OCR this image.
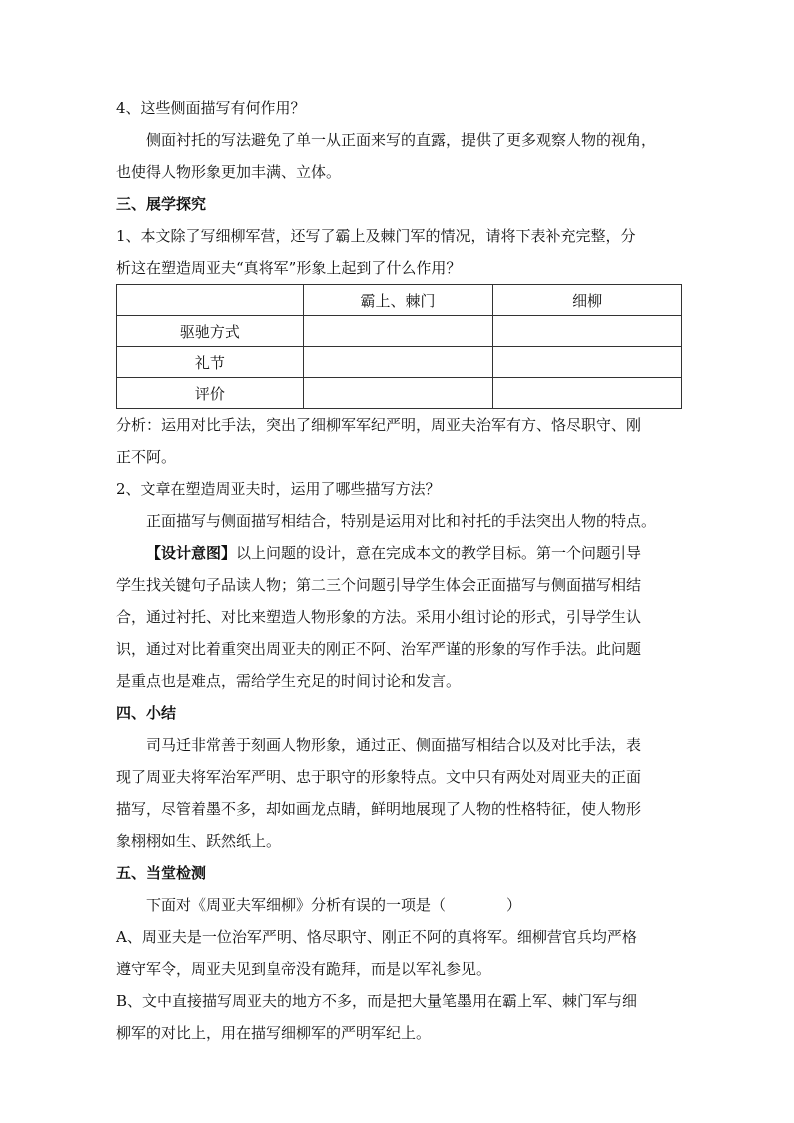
4、这些侧面描写有何作用？
侧面衬托的写法避免了单一从正面来写的直露，提供了更多观察人物的视角，
也使得人物形象更加丰满、立体。
三、展学探究
1、本文除了写细柳军营，还写了霸上及棘门军的情况，请将下表补充完整，分
析这在塑造周亚夫“真将军”形象上起到了什么作用？
	霸上、棘门	细柳
驱驰方式		
礼节		
评价		
分析：运用对比手法，突出了细柳军军纪严明，周亚夫治军有方、恪尽职守、刚
正不阿。
2、文章在塑造周亚夫时，运用了哪些描写方法？
正面描写与侧面描写相结合，特别是运用对比和衬托的手法突出人物的特点。
【设计意图】以上问题的设计，意在完成本文的教学目标。第一个问题引导
学生找关键句子品读人物；第二三个问题引导学生体会正面描写与侧面描写相结
合，通过衬托、对比来塑造人物形象的方法。采用小组讨论的形式，引导学生认
识，通过对比着重突出周亚夫的刚正不阿、治军严谨的形象的写作手法。此问题
是重点也是难点，需给学生充足的时间讨论和发言。
四、小结
司马迁非常善于刻画人物形象，通过正、侧面描写相结合以及对比手法，表
现了周亚夫将军治军严明、忠于职守的形象特点。文中只有两处对周亚夫的正面
描写，尽管着墨不多，却如画龙点睛，鲜明地展现了人物的性格特征，使人物形
象栩栩如生、跃然纸上。
五、当堂检测
下面对《周亚夫军细柳》分析有误的一项是（	）
A、周亚夫是一位治军严明、恪尽职守、刚正不阿的真将军。细柳营官兵均严格
遵守军令，周亚夫见到皇帝没有跪拜，而是以军礼参见。
B、文中直接描写周亚夫的地方不多，而是把大量笔墨用在霸上军、棘门军与细
柳军的对比上，用在描写细柳军的严明军纪上。
